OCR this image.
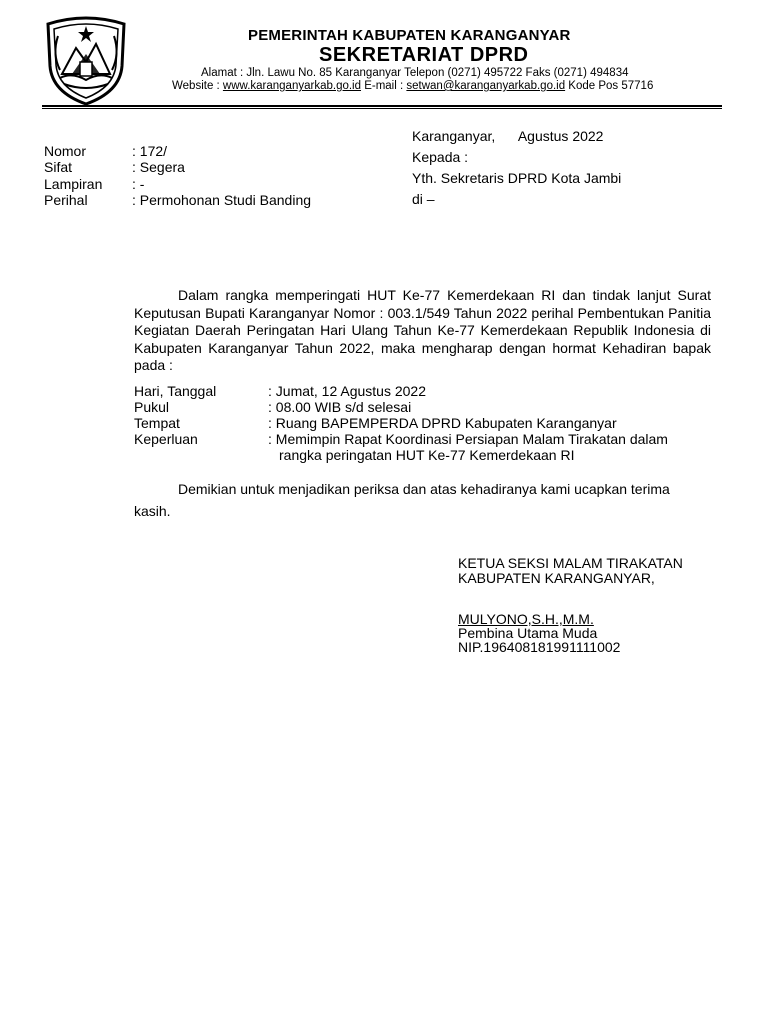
PEMERINTAH KABUPATEN KARANGANYAR
SEKRETARIAT DPRD
Alamat : Jln. Lawu No. 85 Karanganyar Telepon (0271) 495722 Faks (0271) 494834
Website : www.karanganyarkab.go.id E-mail : setwan@karanganyarkab.go.id Kode Pos 57716
Nomor	: 172/
Sifat	: Segera
Lampiran : -
Perihal	: Permohonan Studi Banding
Karanganyar,      Agustus 2022
Kepada :
Yth. Sekretaris DPRD Kota Jambi
di –
Dalam rangka memperingati HUT Ke-77 Kemerdekaan RI dan tindak lanjut Surat Keputusan Bupati Karanganyar Nomor : 003.1/549 Tahun 2022 perihal Pembentukan Panitia Kegiatan Daerah Peringatan Hari Ulang Tahun Ke-77 Kemerdekaan Republik Indonesia di Kabupaten Karanganyar Tahun 2022, maka mengharap dengan hormat Kehadiran bapak pada :
Hari, Tanggal	: Jumat, 12 Agustus 2022
Pukul	: 08.00 WIB s/d selesai
Tempat	: Ruang BAPEMPERDA DPRD Kabupaten Karanganyar
Keperluan	: Memimpin Rapat Koordinasi Persiapan Malam Tirakatan dalam
rangka peringatan HUT Ke-77 Kemerdekaan RI
Demikian untuk menjadikan periksa dan atas kehadiranya kami ucapkan terima
kasih.
KETUA SEKSI MALAM TIRAKATAN
KABUPATEN KARANGANYAR,
MULYONO,S.H.,M.M.
Pembina Utama Muda
NIP.196408181991111002
